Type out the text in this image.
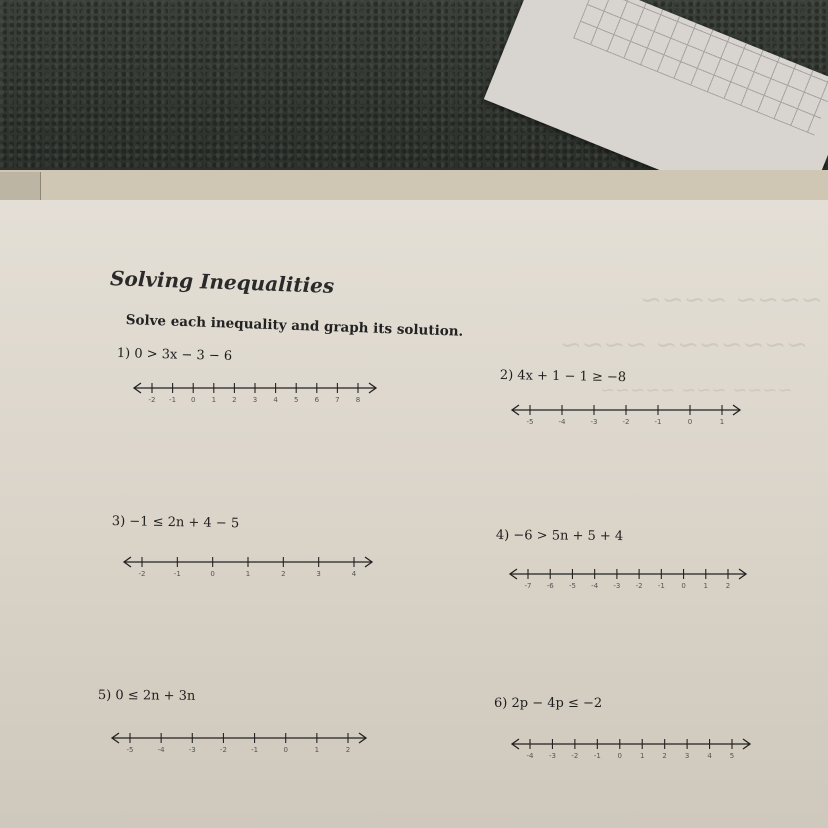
~~~~ ~~~~
~~~~~~~ ~~~~
~~~~ ~~~ ~~~~~
Solving Inequalities
Solve each inequality and graph its solution.
1) 0 > 3x − 3 − 6
-2 -1 0 1 2 3 4 5 6 7 8
2) 4x + 1 − 1 ≥ −8
-5	-4	-3	-2	-1	0	1
3) −1 ≤ 2n + 4 − 5
-2	-1	0	1	2	3	4
4) −6 > 5n + 5 + 4
-7 -6 -5 -4 -3 -2 -1 0	1	2
5) 0 ≤ 2n + 3n
-5	-4	-3	-2	-1	0	1	2
6) 2p − 4p ≤ −2
-4 -3 -2 -1 0	1	2	3	4	5
